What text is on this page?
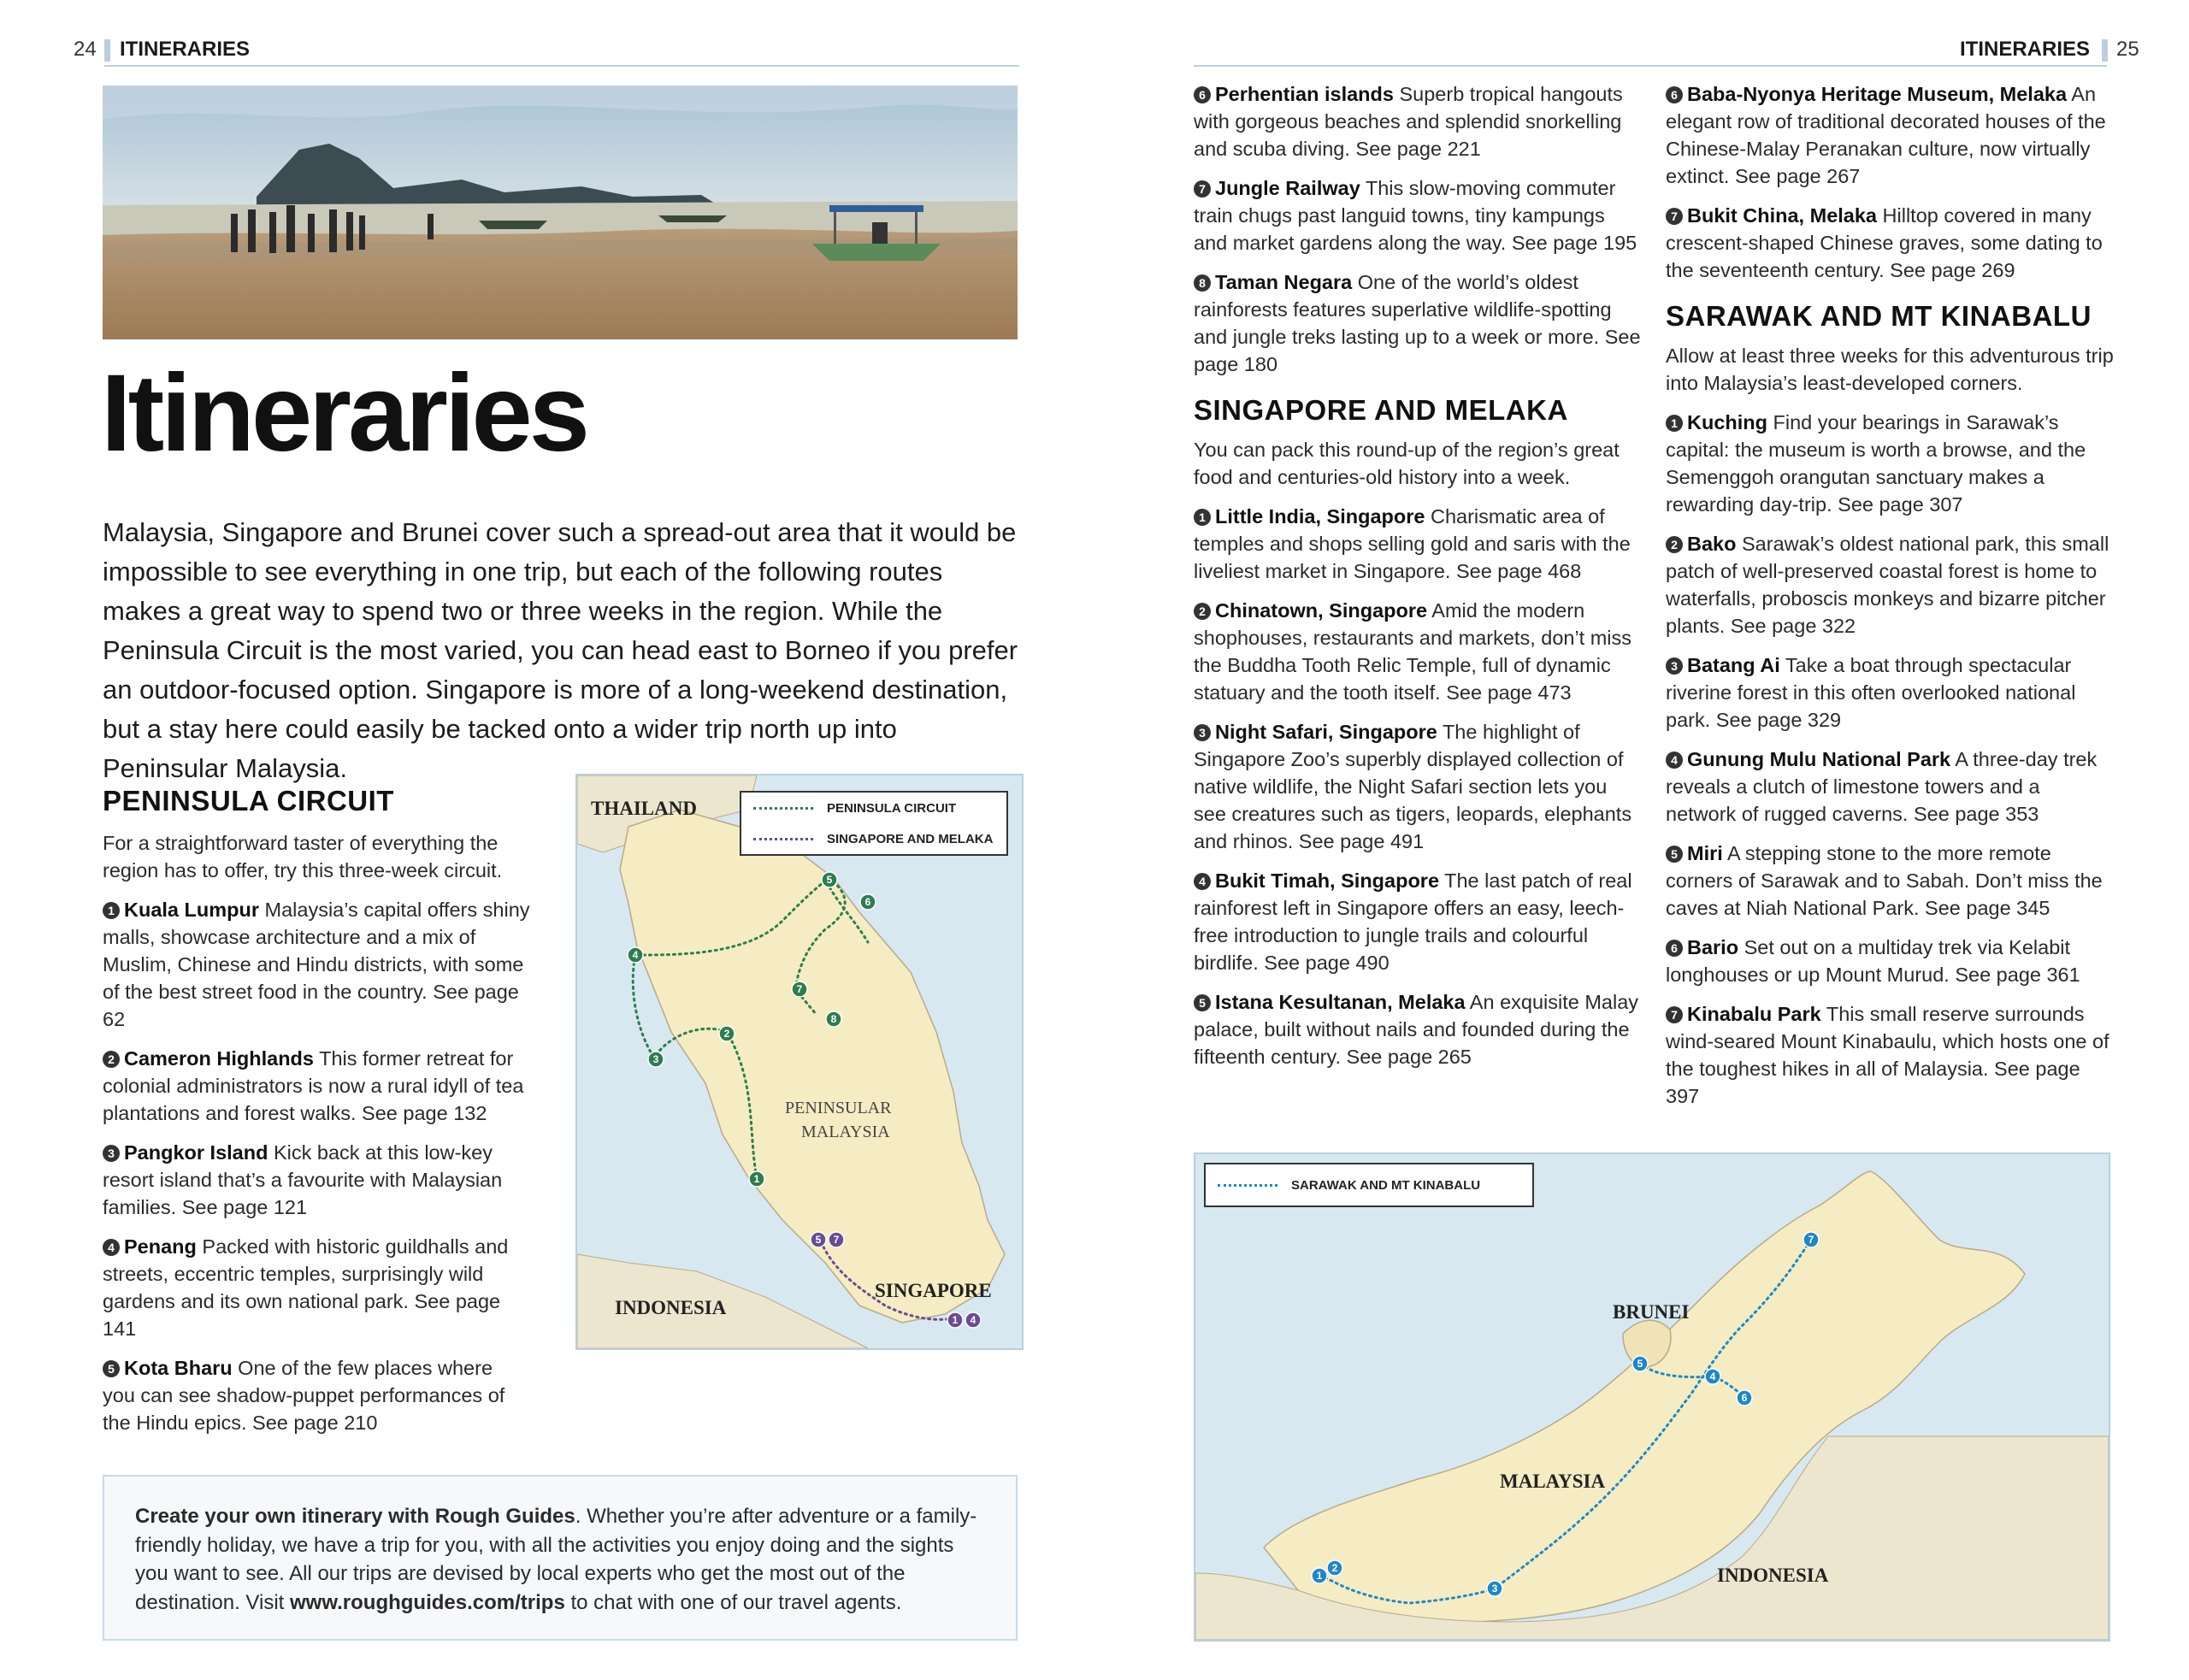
24 ITINERARIES
Itineraries
Malaysia, Singapore and Brunei cover such a spread-out area that it would be impossible to see everything in one trip, but each of the following routes makes a great way to spend two or three weeks in the region. While the Peninsula Circuit is the most varied, you can head east to Borneo if you prefer an outdoor-focused option. Singapore is more of a long-weekend destination, but a stay here could easily be tacked onto a wider trip north up into Peninsular Malaysia.
PENINSULA CIRCUIT

For a straightforward taster of everything the region has to offer, try this three-week circuit.

1 Kuala Lumpur Malaysia’s capital offers shiny malls, showcase architecture and a mix of Muslim, Chinese and Hindu districts, with some of the best street food in the country. See page 62

2 Cameron Highlands This former retreat for colonial administrators is now a rural idyll of tea plantations and forest walks. See page 132

3 Pangkor Island Kick back at this low-key resort island that’s a favourite with Malaysian families. See page 121

4 Penang Packed with historic guildhalls and streets, eccentric temples, surprisingly wild gardens and its own national park. See page 141

5 Kota Bharu One of the few places where you can see shadow-puppet performances of the Hindu epics. See page 210

1
2
3
4
5
6
7
8
5 7
1 4
PENINSULA CIRCUIT
SINGAPORE AND MELAKA
THAILAND
PENINSULAR
MALAYSIA
INDONESIA
SINGAPORE
Create your own itinerary with Rough Guides. Whether you’re after adventure or a family-friendly holiday, we have a trip for you, with all the activities you enjoy doing and the sights you want to see. All our trips are devised by local experts who get the most out of the destination. Visit www.roughguides.com/trips to chat with one of our travel agents.
ITINERARIES 25

6 Perhentian islands Superb tropical hangouts with gorgeous beaches and splendid snorkelling and scuba diving. See page 221

7 Jungle Railway This slow-moving commuter train chugs past languid towns, tiny kampungs and market gardens along the way. See page 195

8 Taman Negara One of the world’s oldest rainforests features superlative wildlife-spotting and jungle treks lasting up to a week or more. See page 180

SINGAPORE AND MELAKA

You can pack this round-up of the region’s great food and centuries-old history into a week.

1 Little India, Singapore Charismatic area of temples and shops selling gold and saris with the liveliest market in Singapore. See page 468

2 Chinatown, Singapore Amid the modern shophouses, restaurants and markets, don’t miss the Buddha Tooth Relic Temple, full of dynamic statuary and the tooth itself. See page 473

3 Night Safari, Singapore The highlight of Singapore Zoo’s superbly displayed collection of native wildlife, the Night Safari section lets you see creatures such as tigers, leopards, elephants and rhinos. See page 491

4 Bukit Timah, Singapore The last patch of real rainforest left in Singapore offers an easy, leech-free introduction to jungle trails and colourful birdlife. See page 490

5 Istana Kesultanan, Melaka An exquisite Malay palace, built without nails and founded during the fifteenth century. See page 265

6 Baba-Nyonya Heritage Museum, Melaka An elegant row of traditional decorated houses of the Chinese-Malay Peranakan culture, now virtually extinct. See page 267

7 Bukit China, Melaka Hilltop covered in many crescent-shaped Chinese graves, some dating to the seventeenth century. See page 269

SARAWAK AND MT KINABALU

Allow at least three weeks for this adventurous trip into Malaysia’s least-developed corners.

1 Kuching Find your bearings in Sarawak’s capital: the museum is worth a browse, and the Semenggoh orangutan sanctuary makes a rewarding day-trip. See page 307

2 Bako Sarawak’s oldest national park, this small patch of well-preserved coastal forest is home to waterfalls, proboscis monkeys and bizarre pitcher plants. See page 322

3 Batang Ai Take a boat through spectacular riverine forest in this often overlooked national park. See page 329

4 Gunung Mulu National Park A three-day trek reveals a clutch of limestone towers and a network of rugged caverns. See page 353

5 Miri A stepping stone to the more remote corners of Sarawak and to Sabah. Don’t miss the caves at Niah National Park. See page 345

6 Bario Set out on a multiday trek via Kelabit longhouses or up Mount Murud. See page 361

7 Kinabalu Park This small reserve surrounds wind-seared Mount Kinabaulu, which hosts one of the toughest hikes in all of Malaysia. See page 397

1
2
3
4
5
6
7
SARAWAK AND MT KINABALU
BRUNEI
MALAYSIA
INDONESIA
